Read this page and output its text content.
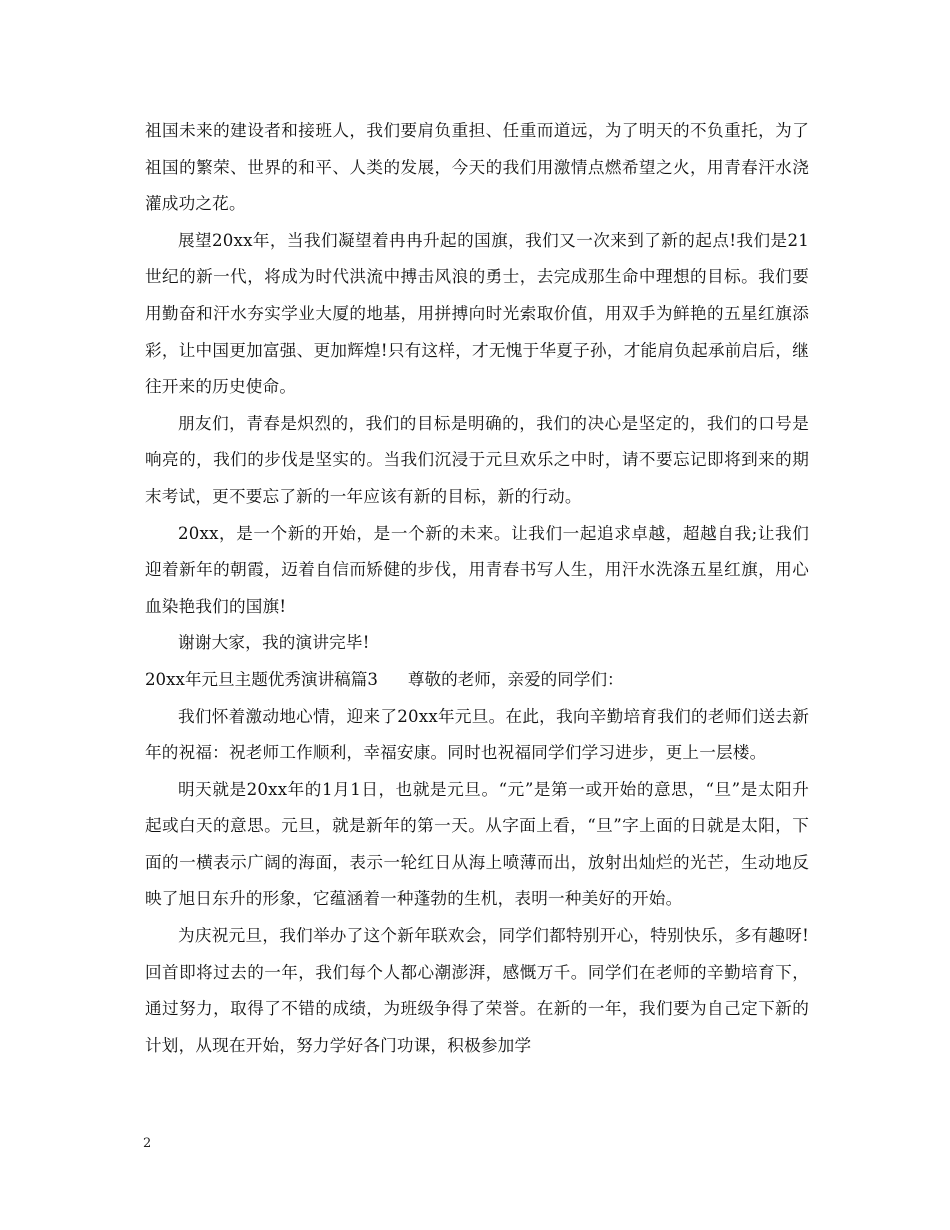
祖国未来的建设者和接班人，我们要肩负重担、任重而道远，为了明天的不负重托，为了祖国的繁荣、世界的和平、人类的发展，今天的我们用激情点燃希望之火，用青春汗水浇灌成功之花。

展望20xx年，当我们凝望着冉冉升起的国旗，我们又一次来到了新的起点!我们是21世纪的新一代，将成为时代洪流中搏击风浪的勇士，去完成那生命中理想的目标。我们要用勤奋和汗水夯实学业大厦的地基，用拼搏向时光索取价值，用双手为鲜艳的五星红旗添彩，让中国更加富强、更加辉煌!只有这样，才无愧于华夏子孙，才能肩负起承前启后，继往开来的历史使命。

朋友们，青春是炽烈的，我们的目标是明确的，我们的决心是坚定的，我们的口号是响亮的，我们的步伐是坚实的。当我们沉浸于元旦欢乐之中时，请不要忘记即将到来的期末考试，更不要忘了新的一年应该有新的目标，新的行动。

20xx，是一个新的开始，是一个新的未来。让我们一起追求卓越，超越自我;让我们迎着新年的朝霞，迈着自信而矫健的步伐，用青春书写人生，用汗水洗涤五星红旗，用心血染艳我们的国旗!

谢谢大家，我的演讲完毕!

20xx年元旦主题优秀演讲稿篇3 尊敬的老师，亲爱的同学们：

我们怀着激动地心情，迎来了20xx年元旦。在此，我向辛勤培育我们的老师们送去新年的祝福：祝老师工作顺利，幸福安康。同时也祝福同学们学习进步，更上一层楼。

明天就是20xx年的1月1日，也就是元旦。“元”是第一或开始的意思，“旦”是太阳升起或白天的意思。元旦，就是新年的第一天。从字面上看，“旦”字上面的日就是太阳，下面的一横表示广阔的海面，表示一轮红日从海上喷薄而出，放射出灿烂的光芒，生动地反映了旭日东升的形象，它蕴涵着一种蓬勃的生机，表明一种美好的开始。

为庆祝元旦，我们举办了这个新年联欢会，同学们都特别开心，特别快乐，多有趣呀!回首即将过去的一年，我们每个人都心潮澎湃，感慨万千。同学们在老师的辛勤培育下，通过努力，取得了不错的成绩，为班级争得了荣誉。在新的一年，我们要为自己定下新的计划，从现在开始，努力学好各门功课，积极参加学

2
